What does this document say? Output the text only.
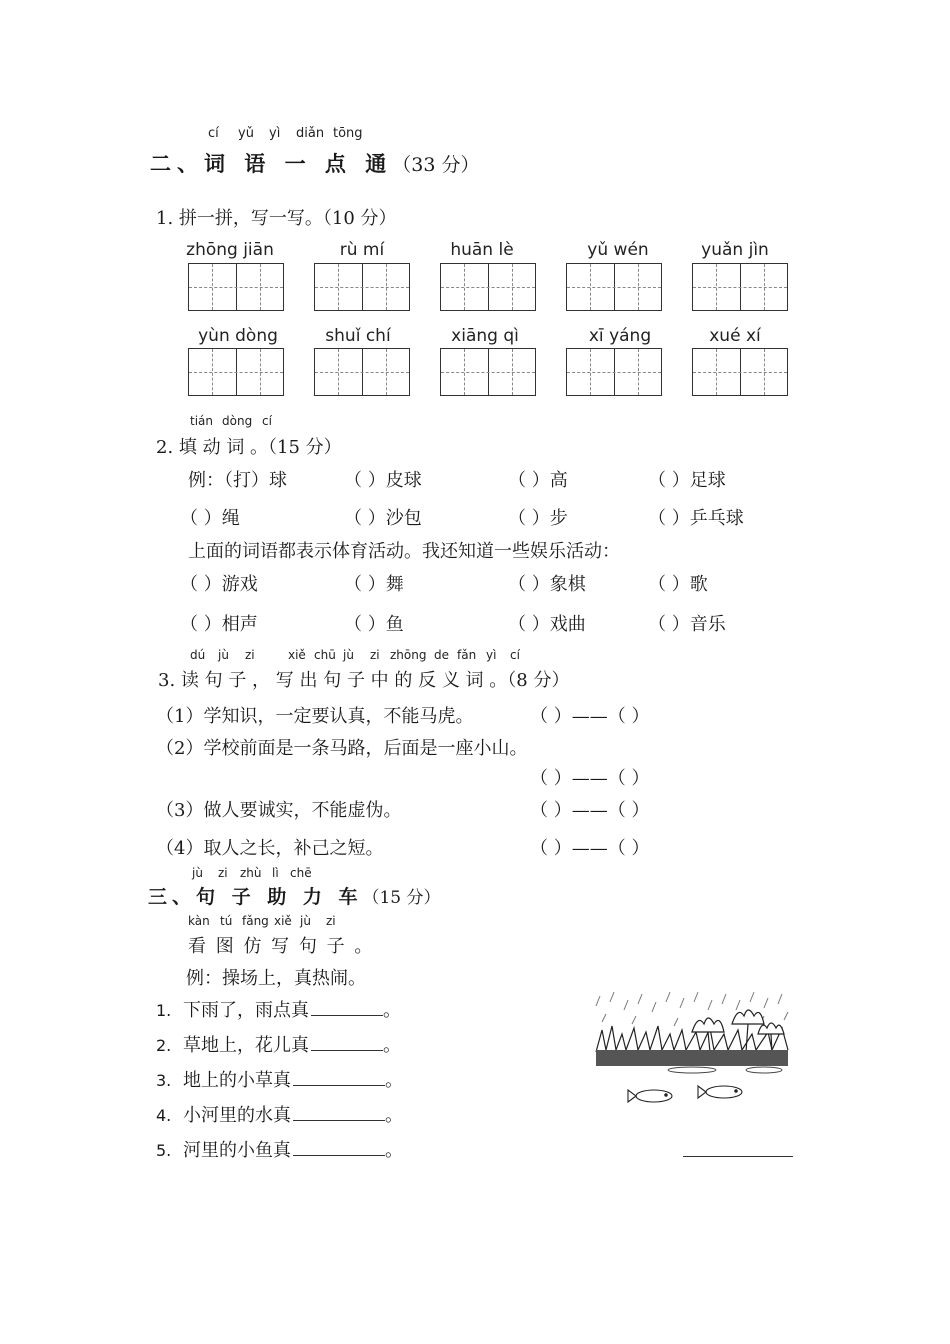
cí yǔ yì diǎn tōng
二、词 语 一 点 通（33 分）
1. 拼一拼，写一写。（10 分）
zhōng jiān	rù mí	huān lè	yǔ wén	yuǎn jìn
yùn dòng	shuǐ chí	xiāng qì	xī yáng	xué xí
tián dòng cí
2. 填 动 词 。（15 分）
例：（打）球	（ ）皮球	（ ）高	（ ）足球
（ ）绳	（ ）沙包	（ ）步	（ ）乒乓球
上面的词语都表示体育活动。我还知道一些娱乐活动：
（ ）游戏	（ ）舞	（ ）象棋	（ ）歌
（ ）相声	（ ）鱼	（ ）戏曲	（ ）音乐
dú jù zi	xiě chū jù zi zhōng de fǎn yì cí
3. 读 句 子 ， 写 出 句 子 中 的 反 义 词 。（8 分）
（1）学知识，一定要认真，不能马虎。	（ ）——（ ）
（2）学校前面是一条马路，后面是一座小山。
（ ）——（ ）
（3）做人要诚实，不能虚伪。	（ ）——（ ）
（4）取人之长，补己之短。	（ ）——（ ）
jù zi zhù lì chē
三、句 子 助 力 车（15 分）
kàn tú fǎng xiě jù zi
看 图 仿 写 句 子 。
例：操场上，真热闹。
1. 下雨了，雨点真	。
2. 草地上，花儿真	。
3. 地上的小草真	。
4. 小河里的水真	。
5. 河里的小鱼真	。
